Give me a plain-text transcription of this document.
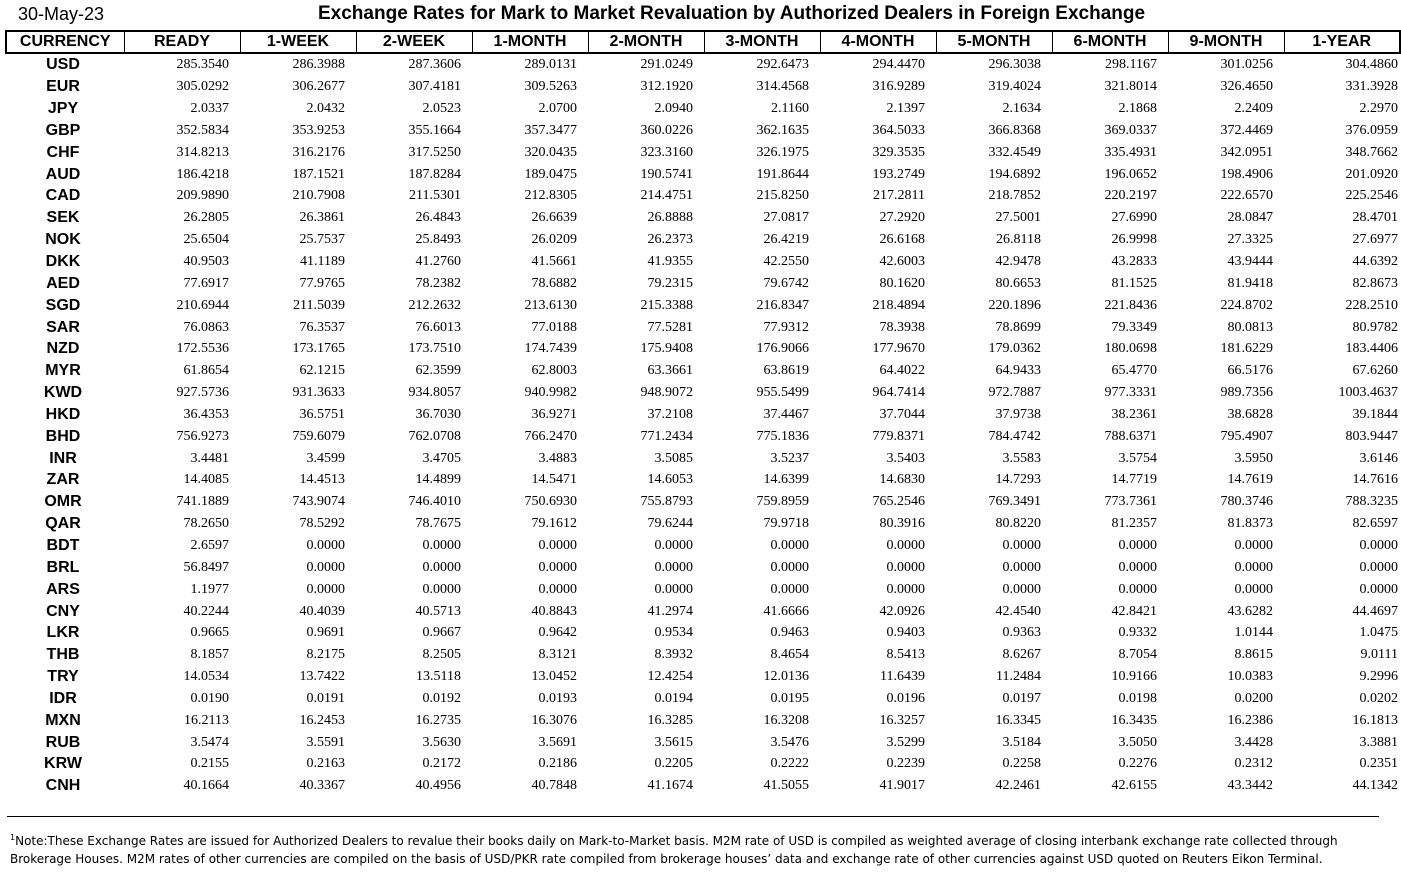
30-May-23	Exchange Rates for Mark to Market Revaluation by Authorized Dealers in Foreign Exchange
CURRENCY	READY	1-WEEK	2-WEEK	1-MONTH	2-MONTH	3-MONTH	4-MONTH	5-MONTH	6-MONTH	9-MONTH	1-YEAR
USD	285.3540	286.3988	287.3606	289.0131	291.0249	292.6473	294.4470	296.3038	298.1167	301.0256	304.4860
EUR	305.0292	306.2677	307.4181	309.5263	312.1920	314.4568	316.9289	319.4024	321.8014	326.4650	331.3928
JPY	2.0337	2.0432	2.0523	2.0700	2.0940	2.1160	2.1397	2.1634	2.1868	2.2409	2.2970
GBP	352.5834	353.9253	355.1664	357.3477	360.0226	362.1635	364.5033	366.8368	369.0337	372.4469	376.0959
CHF	314.8213	316.2176	317.5250	320.0435	323.3160	326.1975	329.3535	332.4549	335.4931	342.0951	348.7662
AUD	186.4218	187.1521	187.8284	189.0475	190.5741	191.8644	193.2749	194.6892	196.0652	198.4906	201.0920
CAD	209.9890	210.7908	211.5301	212.8305	214.4751	215.8250	217.2811	218.7852	220.2197	222.6570	225.2546
SEK	26.2805	26.3861	26.4843	26.6639	26.8888	27.0817	27.2920	27.5001	27.6990	28.0847	28.4701
NOK	25.6504	25.7537	25.8493	26.0209	26.2373	26.4219	26.6168	26.8118	26.9998	27.3325	27.6977
DKK	40.9503	41.1189	41.2760	41.5661	41.9355	42.2550	42.6003	42.9478	43.2833	43.9444	44.6392
AED	77.6917	77.9765	78.2382	78.6882	79.2315	79.6742	80.1620	80.6653	81.1525	81.9418	82.8673
SGD	210.6944	211.5039	212.2632	213.6130	215.3388	216.8347	218.4894	220.1896	221.8436	224.8702	228.2510
SAR	76.0863	76.3537	76.6013	77.0188	77.5281	77.9312	78.3938	78.8699	79.3349	80.0813	80.9782
NZD	172.5536	173.1765	173.7510	174.7439	175.9408	176.9066	177.9670	179.0362	180.0698	181.6229	183.4406
MYR	61.8654	62.1215	62.3599	62.8003	63.3661	63.8619	64.4022	64.9433	65.4770	66.5176	67.6260
KWD	927.5736	931.3633	934.8057	940.9982	948.9072	955.5499	964.7414	972.7887	977.3331	989.7356	1003.4637
HKD	36.4353	36.5751	36.7030	36.9271	37.2108	37.4467	37.7044	37.9738	38.2361	38.6828	39.1844
BHD	756.9273	759.6079	762.0708	766.2470	771.2434	775.1836	779.8371	784.4742	788.6371	795.4907	803.9447
INR	3.4481	3.4599	3.4705	3.4883	3.5085	3.5237	3.5403	3.5583	3.5754	3.5950	3.6146
ZAR	14.4085	14.4513	14.4899	14.5471	14.6053	14.6399	14.6830	14.7293	14.7719	14.7619	14.7616
OMR	741.1889	743.9074	746.4010	750.6930	755.8793	759.8959	765.2546	769.3491	773.7361	780.3746	788.3235
QAR	78.2650	78.5292	78.7675	79.1612	79.6244	79.9718	80.3916	80.8220	81.2357	81.8373	82.6597
BDT	2.6597	0.0000	0.0000	0.0000	0.0000	0.0000	0.0000	0.0000	0.0000	0.0000	0.0000
BRL	56.8497	0.0000	0.0000	0.0000	0.0000	0.0000	0.0000	0.0000	0.0000	0.0000	0.0000
ARS	1.1977	0.0000	0.0000	0.0000	0.0000	0.0000	0.0000	0.0000	0.0000	0.0000	0.0000
CNY	40.2244	40.4039	40.5713	40.8843	41.2974	41.6666	42.0926	42.4540	42.8421	43.6282	44.4697
LKR	0.9665	0.9691	0.9667	0.9642	0.9534	0.9463	0.9403	0.9363	0.9332	1.0144	1.0475
THB	8.1857	8.2175	8.2505	8.3121	8.3932	8.4654	8.5413	8.6267	8.7054	8.8615	9.0111
TRY	14.0534	13.7422	13.5118	13.0452	12.4254	12.0136	11.6439	11.2484	10.9166	10.0383	9.2996
IDR	0.0190	0.0191	0.0192	0.0193	0.0194	0.0195	0.0196	0.0197	0.0198	0.0200	0.0202
MXN	16.2113	16.2453	16.2735	16.3076	16.3285	16.3208	16.3257	16.3345	16.3435	16.2386	16.1813
RUB	3.5474	3.5591	3.5630	3.5691	3.5615	3.5476	3.5299	3.5184	3.5050	3.4428	3.3881
KRW	0.2155	0.2163	0.2172	0.2186	0.2205	0.2222	0.2239	0.2258	0.2276	0.2312	0.2351
CNH	40.1664	40.3367	40.4956	40.7848	41.1674	41.5055	41.9017	42.2461	42.6155	43.3442	44.1342
$^1$Note:These Exchange Rates are issued for Authorized Dealers to revalue their books daily on Mark-to-Market basis. M2M rate of USD is compiled as weighted average of closing interbank exchange rate collected through Brokerage Houses. M2M rates of other currencies are compiled on the basis of USD/PKR rate compiled from brokerage houses’ data and exchange rate of other currencies against USD quoted on Reuters Eikon Terminal.
